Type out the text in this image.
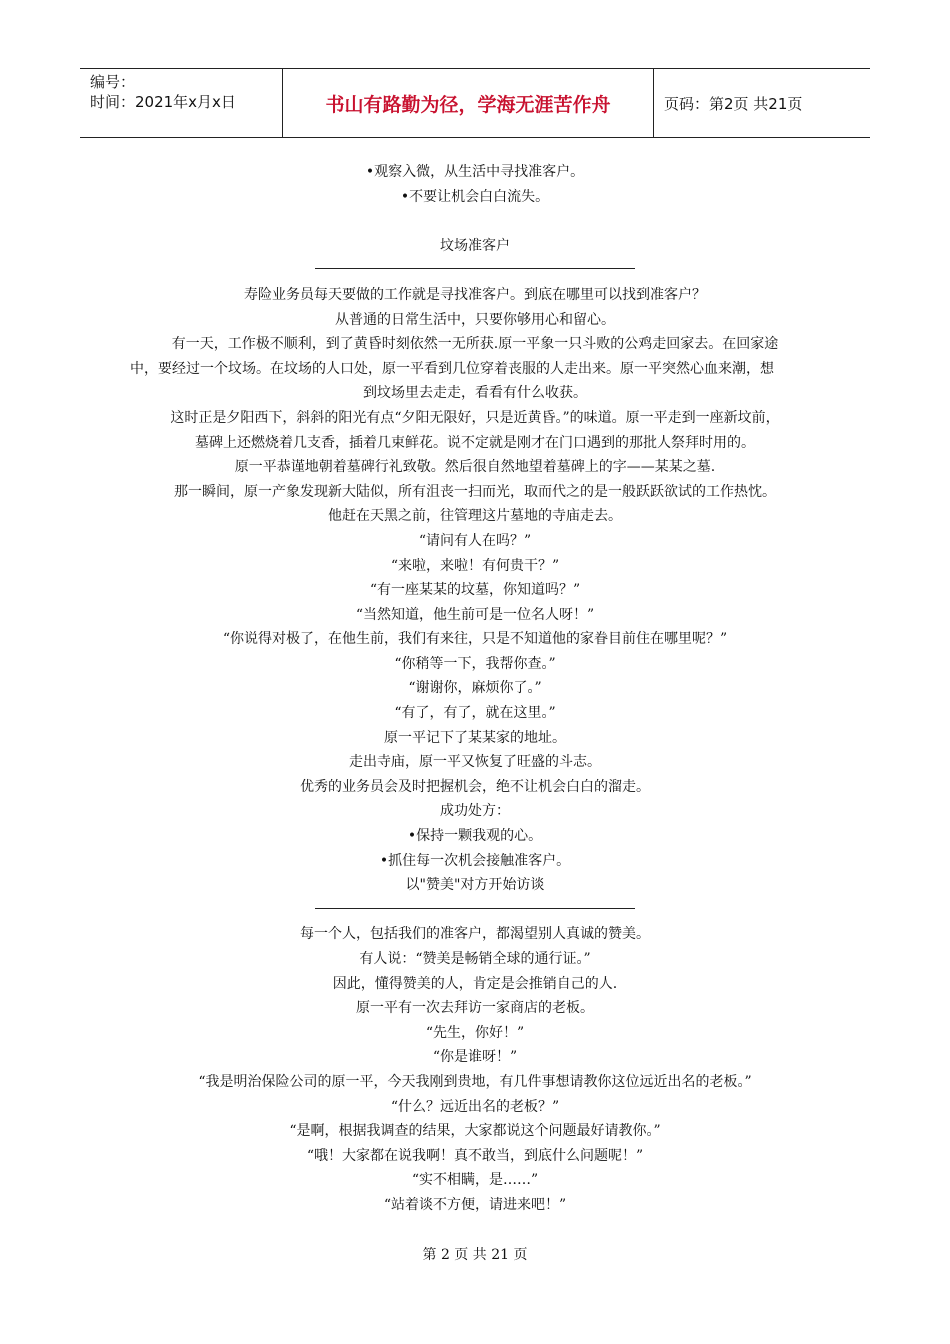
编号：
时间：2021年x月x日	书山有路勤为径，学海无涯苦作舟	页码：第2页 共21页
•观察入微，从生活中寻找准客户。
•不要让机会白白流失。
坟场准客户
寿险业务员每天要做的工作就是寻找准客户。到底在哪里可以找到准客户？
从普通的日常生活中，只要你够用心和留心。
有一天，工作极不顺利，到了黄昏时刻依然一无所获.原一平象一只斗败的公鸡走回家去。在回家途
中，要经过一个坟场。在坟场的人口处，原一平看到几位穿着丧服的人走出来。原一平突然心血来潮，想
到坟场里去走走，看看有什么收获。
这时正是夕阳西下，斜斜的阳光有点“夕阳无限好，只是近黄昏。”的味道。原一平走到一座新坟前，
墓碑上还燃烧着几支香，插着几束鲜花。说不定就是刚才在门口遇到的那批人祭拜时用的。
原一平恭谨地朝着墓碑行礼致敬。然后很自然地望着墓碑上的字——某某之墓.
那一瞬间，原一产象发现新大陆似，所有沮丧一扫而光，取而代之的是一般跃跃欲试的工作热忱。
他赶在天黑之前，往管理这片墓地的寺庙走去。
“请问有人在吗？”
“来啦，来啦！有何贵干？”
“有一座某某的坟墓，你知道吗？”
“当然知道，他生前可是一位名人呀！”
“你说得对极了，在他生前，我们有来往，只是不知道他的家眷目前住在哪里呢？”
“你稍等一下，我帮你查。”
“谢谢你，麻烦你了。”
“有了，有了，就在这里。”
原一平记下了某某家的地址。
走出寺庙，原一平又恢复了旺盛的斗志。
优秀的业务员会及时把握机会，绝不让机会白白的溜走。
成功处方：
•保持一颗我观的心。
•抓住每一次机会接触准客户。
以"赞美"对方开始访谈
每一个人，包括我们的准客户，都渴望别人真诚的赞美。
有人说：“赞美是畅销全球的通行证。”
因此，懂得赞美的人，肯定是会推销自己的人.
原一平有一次去拜访一家商店的老板。
“先生，你好！”
“你是谁呀！”
“我是明治保险公司的原一平，今天我刚到贵地，有几件事想请教你这位远近出名的老板。”
“什么？远近出名的老板？”
“是啊，根据我调查的结果，大家都说这个问题最好请教你。”
“哦！大家都在说我啊！真不敢当，到底什么问题呢！”
“实不相瞒，是……”
“站着谈不方便，请进来吧！”
第 2 页 共 21 页
